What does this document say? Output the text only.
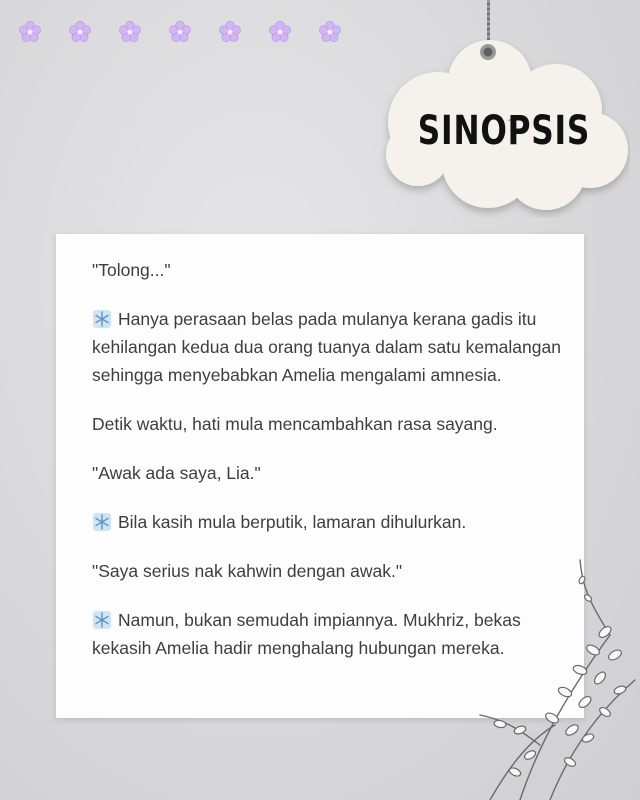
SINOPSIS

"Tolong..."

Hanya perasaan belas pada mulanya kerana gadis itu kehilangan kedua dua orang tuanya dalam satu kemalangan sehingga menyebabkan Amelia mengalami amnesia.

Detik waktu, hati mula mencambahkan rasa sayang.

"Awak ada saya, Lia."

Bila kasih mula berputik, lamaran dihulurkan.

"Saya serius nak kahwin dengan awak."

Namun, bukan semudah impiannya. Mukhriz, bekas kekasih Amelia hadir menghalang hubungan mereka.
